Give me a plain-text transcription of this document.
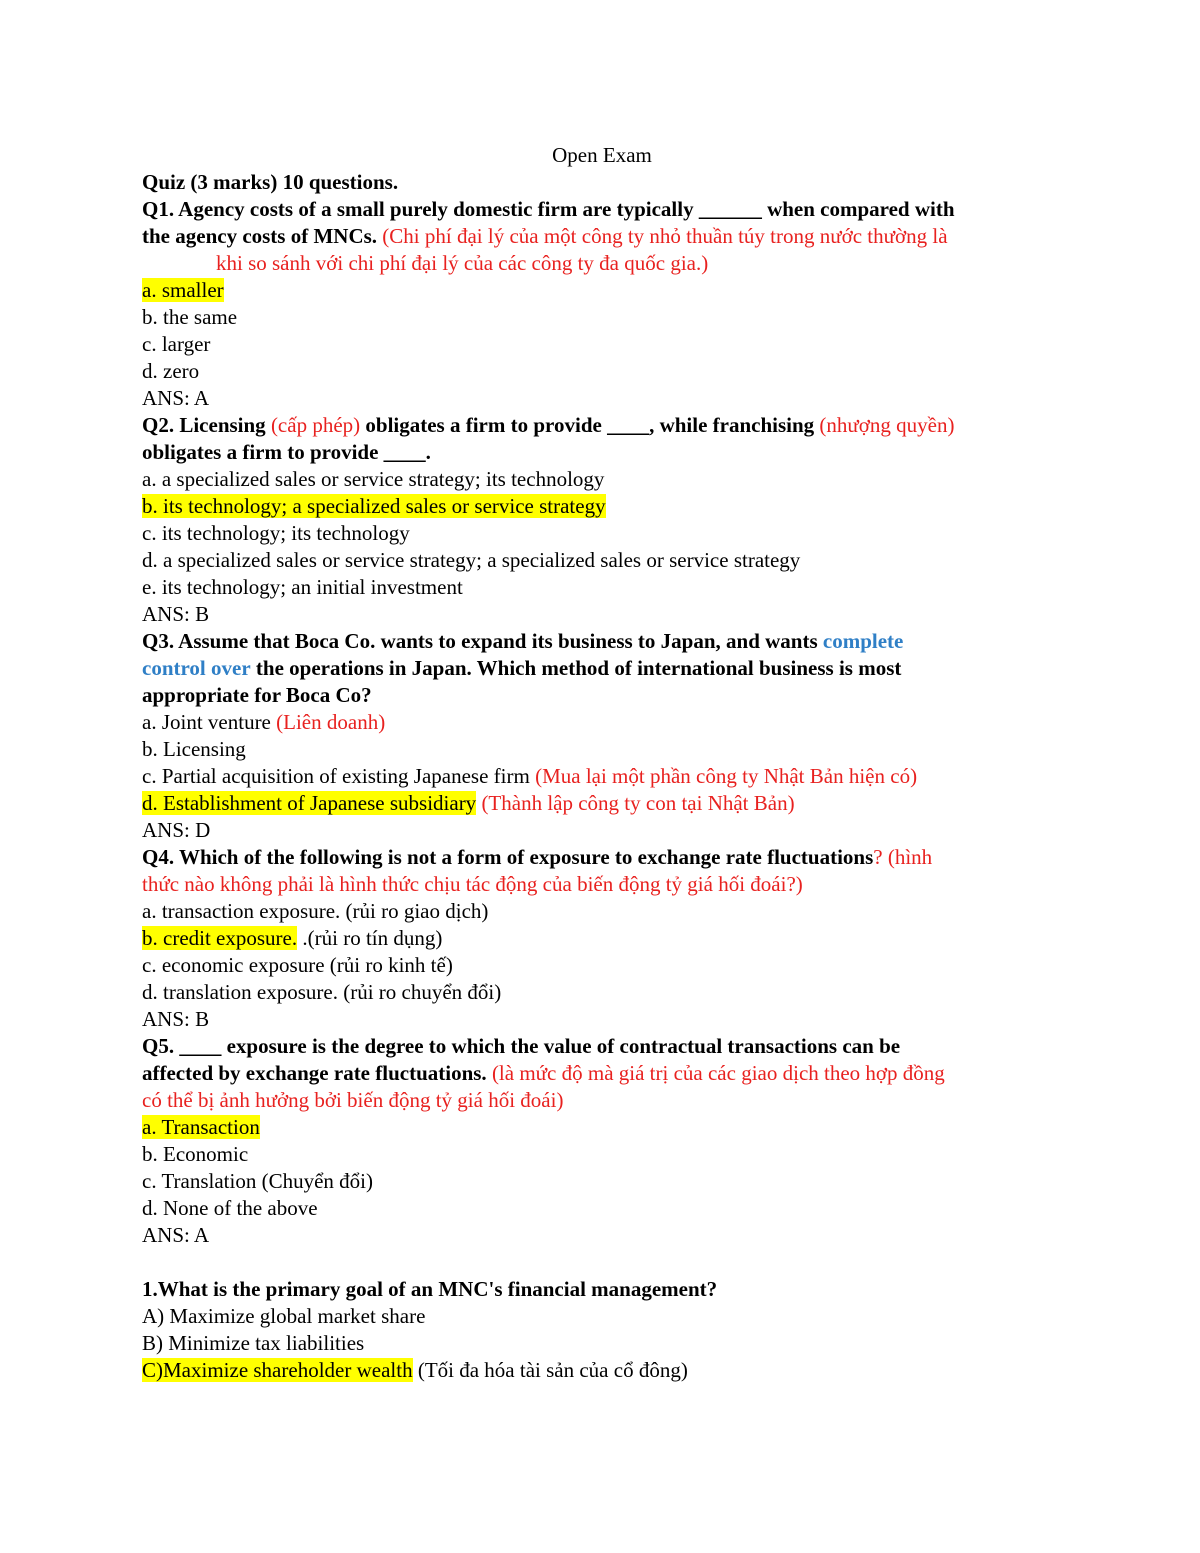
Open Exam
Quiz (3 marks) 10 questions.
Q1. Agency costs of a small purely domestic firm are typically ______ when compared with
the agency costs of MNCs. (Chi phí đại lý của một công ty nhỏ thuần túy trong nước thường là
khi so sánh với chi phí đại lý của các công ty đa quốc gia.)
a. smaller
b. the same
c. larger
d. zero
ANS: A
Q2. Licensing (cấp phép) obligates a firm to provide ____, while franchising (nhượng quyền)
obligates a firm to provide ____.
a. a specialized sales or service strategy; its technology
b. its technology; a specialized sales or service strategy
c. its technology; its technology
d. a specialized sales or service strategy; a specialized sales or service strategy
e. its technology; an initial investment
ANS: B
Q3. Assume that Boca Co. wants to expand its business to Japan, and wants complete
control over the operations in Japan. Which method of international business is most
appropriate for Boca Co?
a. Joint venture (Liên doanh)
b. Licensing
c. Partial acquisition of existing Japanese firm (Mua lại một phần công ty Nhật Bản hiện có)
d. Establishment of Japanese subsidiary (Thành lập công ty con tại Nhật Bản)
ANS: D
Q4. Which of the following is not a form of exposure to exchange rate fluctuations? (hình
thức nào không phải là hình thức chịu tác động của biến động tỷ giá hối đoái?)
a. transaction exposure. (rủi ro giao dịch)
b. credit exposure. .(rủi ro tín dụng)
c. economic exposure (rủi ro kinh tế)
d. translation exposure. (rủi ro chuyển đổi)
ANS: B
Q5. ____ exposure is the degree to which the value of contractual transactions can be
affected by exchange rate fluctuations. (là mức độ mà giá trị của các giao dịch theo hợp đồng
có thể bị ảnh hưởng bởi biến động tỷ giá hối đoái)
a. Transaction
b. Economic
c. Translation (Chuyển đổi)
d. None of the above
ANS: A
1.What is the primary goal of an MNC's financial management?
A) Maximize global market share
B) Minimize tax liabilities
C)Maximize shareholder wealth (Tối đa hóa tài sản của cổ đông)
